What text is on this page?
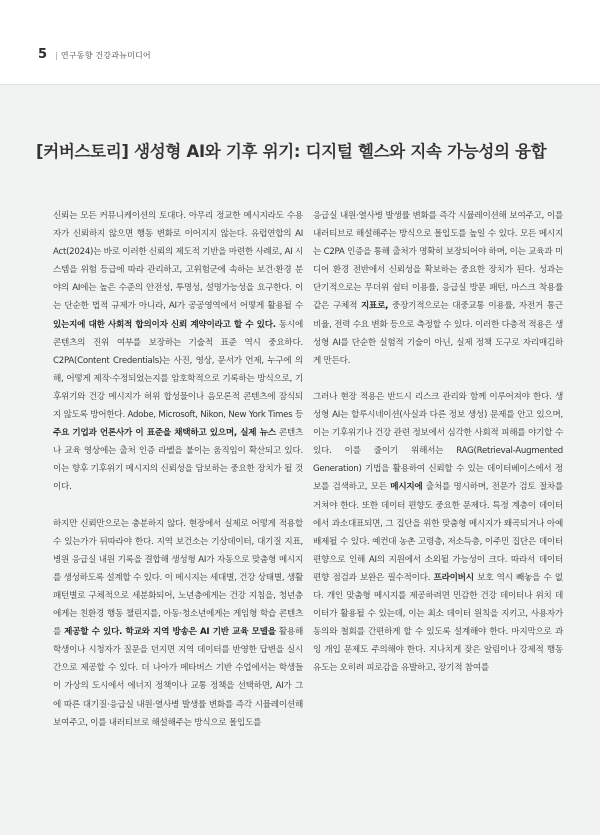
5 | 연구동향 건강과뉴미디어
[커버스토리] 생성형 AI와 기후 위기: 디지털 헬스와 지속 가능성의 융합

신뢰는 모든 커뮤니케이션의 토대다. 아무리 정교한 메시지라도 수용자가 신뢰하지 않으면 행동 변화로 이어지지 않는다. 유럽연합의 AI Act(2024)는 바로 이러한 신뢰의 제도적 기반을 마련한 사례로, AI 시스템을 위험 등급에 따라 관리하고, 고위험군에 속하는 보건·환경 분야의 AI에는 높은 수준의 안전성, 투명성, 설명가능성을 요구한다. 이는 단순한 법적 규제가 아니라, AI가 공공영역에서 어떻게 활용될 수 있는지에 대한 사회적 합의이자 신뢰 계약이라고 할 수 있다. 동시에 콘텐츠의 진위 여부를 보장하는 기술적 표준 역시 중요하다. C2PA(Content Credentials)는 사진, 영상, 문서가 언제, 누구에 의해, 어떻게 제작·수정되었는지를 암호학적으로 기록하는 방식으로, 기후위기와 건강 메시지가 허위 합성물이나 음모론적 콘텐츠에 잠식되지 않도록 방어한다. Adobe, Microsoft, Nikon, New York Times 등 주요 기업과 언론사가 이 표준을 채택하고 있으며, 실제 뉴스 콘텐츠나 교육 영상에는 출처 인증 라벨을 붙이는 움직임이 확산되고 있다. 이는 향후 기후위기 메시지의 신뢰성을 담보하는 중요한 장치가 될 것이다.

하지만 신뢰만으로는 충분하지 않다. 현장에서 실제로 어떻게 적용할 수 있는가가 뒤따라야 한다. 지역 보건소는 기상데이터, 대기질 지표, 병원 응급실 내원 기록을 결합해 생성형 AI가 자동으로 맞춤형 메시지를 생성하도록 설계할 수 있다. 이 메시지는 세대별, 건강 상태별, 생활 패턴별로 구체적으로 세분화되어, 노년층에게는 건강 지침을, 청년층에게는 친환경 행동 챌린지를, 아동·청소년에게는 게임형 학습 콘텐츠를 제공할 수 있다. 학교와 지역 방송은 AI 기반 교육 모델을 활용해 학생이나 시청자가 질문을 던지면 지역 데이터를 반영한 답변을 실시간으로 제공할 수 있다. 더 나아가 메타버스 기반 수업에서는 학생들이 가상의 도시에서 에너지 정책이나 교통 정책을 선택하면, AI가 그에 따른 대기질·응급실 내원·열사병 발생률 변화를 즉각 시뮬레이션해 보여주고, 이를 내러티브로 해설해주는 방식으로 몰입도를

응급실 내원·열사병 발생률 변화를 즉각 시뮬레이션해 보여주고, 이를 내러티브로 해설해주는 방식으로 몰입도를 높일 수 있다. 모든 메시지는 C2PA 인증을 통해 출처가 명확히 보장되어야 하며, 이는 교육과 미디어 환경 전반에서 신뢰성을 확보하는 중요한 장치가 된다. 성과는 단기적으로는 무더위 쉼터 이용률, 응급실 방문 패턴, 마스크 착용률 같은 구체적 지표로, 중장기적으로는 대중교통 이용률, 자전거 통근 비율, 전력 수요 변화 등으로 측정할 수 있다. 이러한 다층적 적용은 생성형 AI를 단순한 실험적 기술이 아닌, 실제 정책 도구로 자리매김하게 만든다.

그러나 현장 적용은 반드시 리스크 관리와 함께 이루어져야 한다. 생성형 AI는 할루시네이션(사실과 다른 정보 생성) 문제를 안고 있으며, 이는 기후위기나 건강 관련 정보에서 심각한 사회적 피해를 야기할 수 있다. 이를 줄이기 위해서는 RAG(Retrieval-Augmented Generation) 기법을 활용하여 신뢰할 수 있는 데이터베이스에서 정보를 검색하고, 모든 메시지에 출처를 명시하며, 전문가 검토 절차를 거쳐야 한다. 또한 데이터 편향도 중요한 문제다. 특정 계층이 데이터에서 과소대표되면, 그 집단을 위한 맞춤형 메시지가 왜곡되거나 아예 배제될 수 있다. 예컨대 농촌 고령층, 저소득층, 이주민 집단은 데이터 편향으로 인해 AI의 지원에서 소외될 가능성이 크다. 따라서 데이터 편향 점검과 보완은 필수적이다. 프라이버시 보호 역시 빼놓을 수 없다. 개인 맞춤형 메시지를 제공하려면 민감한 건강 데이터나 위치 데이터가 활용될 수 있는데, 이는 최소 데이터 원칙을 지키고, 사용자가 동의와 철회를 간편하게 할 수 있도록 설계해야 한다. 마지막으로 과잉 개입 문제도 주의해야 한다. 지나치게 잦은 알림이나 강제적 행동 유도는 오히려 피로감을 유발하고, 장기적 참여를
